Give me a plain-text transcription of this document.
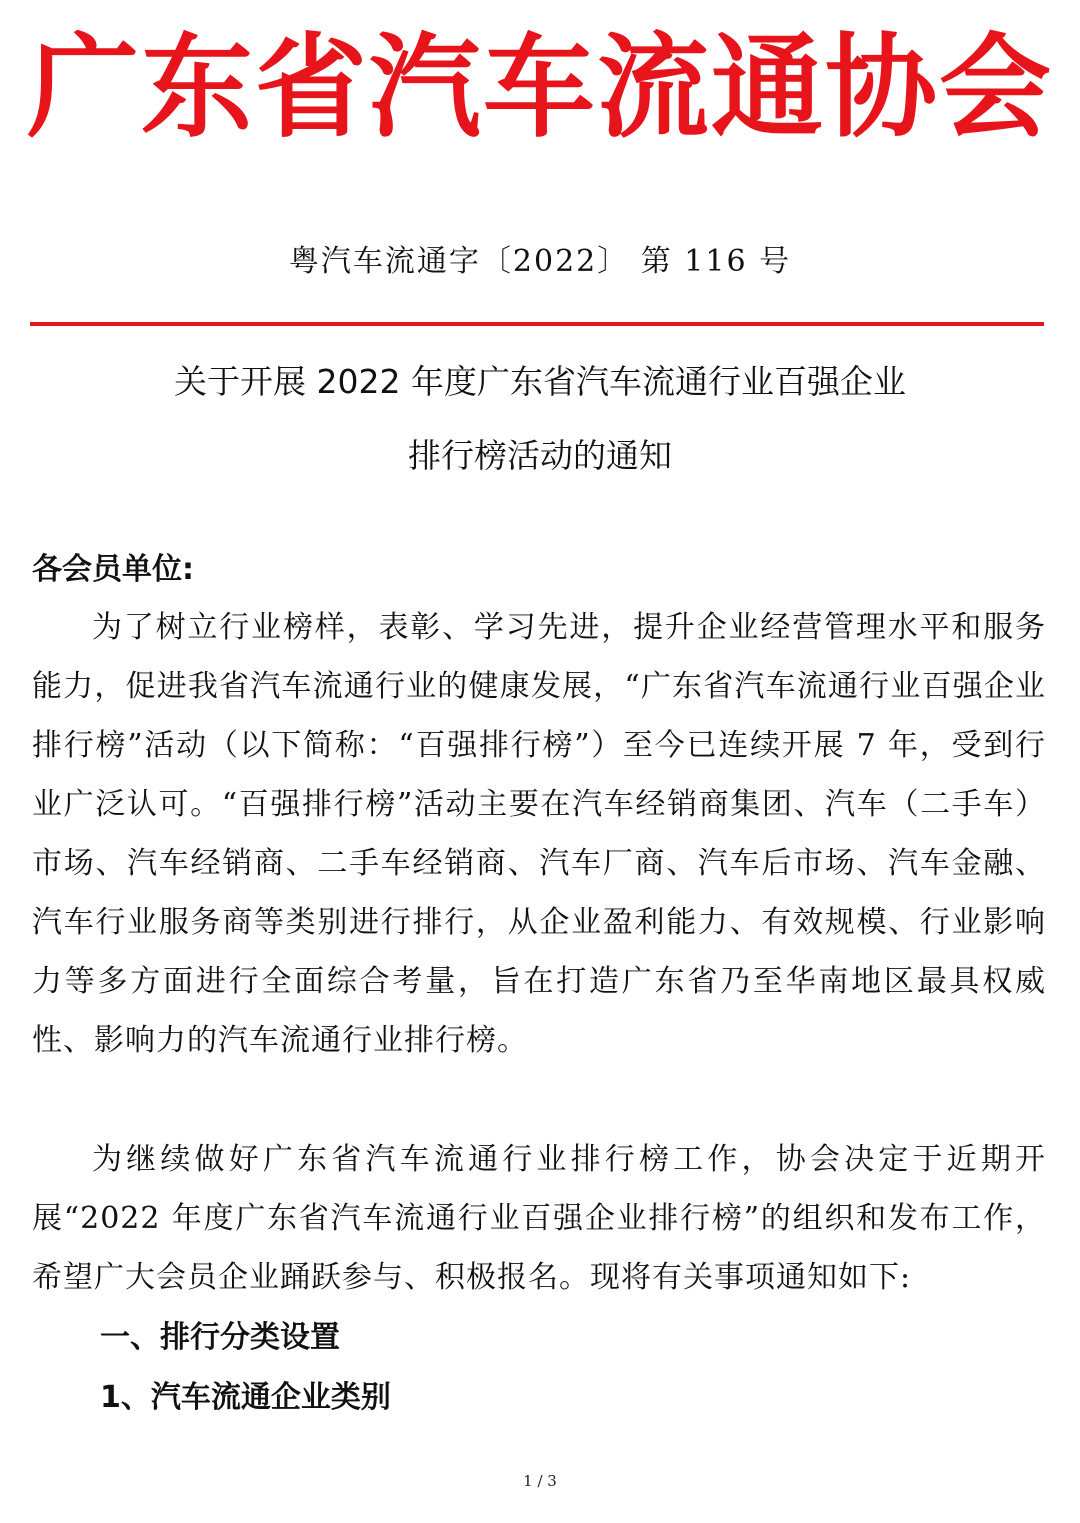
广东省汽车流通协会
粤汽车流通字〔2022〕 第 116 号
关于开展 2022 年度广东省汽车流通行业百强企业
排行榜活动的通知
各会员单位:

为了树立行业榜样，表彰、学习先进，提升企业经营管理水平和服务能力，促进我省汽车流通行业的健康发展，“广东省汽车流通行业百强企业排行榜”活动（以下简称：“百强排行榜”）至今已连续开展 7 年，受到行业广泛认可。“百强排行榜”活动主要在汽车经销商集团、汽车（二手车）市场、汽车经销商、二手车经销商、汽车厂商、汽车后市场、汽车金融、汽车行业服务商等类别进行排行，从企业盈利能力、有效规模、行业影响力等多方面进行全面综合考量，旨在打造广东省乃至华南地区最具权威性、影响力的汽车流通行业排行榜。

为继续做好广东省汽车流通行业排行榜工作，协会决定于近期开展“2022 年度广东省汽车流通行业百强企业排行榜”的组织和发布工作，希望广大会员企业踊跃参与、积极报名。现将有关事项通知如下:

一、排行分类设置
1、汽车流通企业类别
1 / 3
